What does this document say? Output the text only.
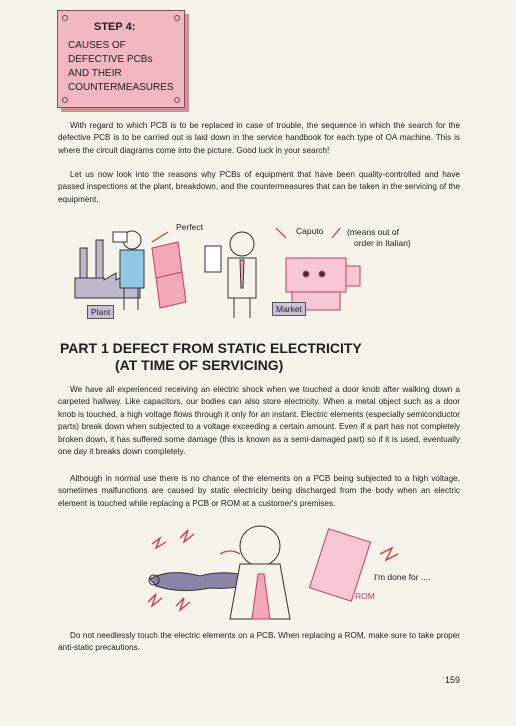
STEP 4:
CAUSES OF
DEFECTIVE PCBs
AND THEIR
COUNTERMEASURES

With regard to which PCB is to be replaced in case of trouble, the sequence in which the search for the defective PCB is to be carried out is laid down in the service handbook for each type of OA machine. This is where the circuit diagrams come into the picture. Good luck in your search!

Let us now look into the reasons why PCBs of equipment that have been quality-controlled and have passed inspections at the plant, breakdown, and the countermeasures that can be taken in the servicing of the equipment.

Perfect	Caputo	(means out of
order in Italian)
Plant	Market
PART 1 DEFECT FROM STATIC ELECTRICITY
(AT TIME OF SERVICING)

We have all experienced receiving an electric shock when we touched a door knob after walking down a carpeted hallway. Like capacitors, our bodies can also store electricity. When a metal object such as a door knob is touched, a high voltage flows through it only for an instant. Electric elements (especially semiconductor parts) break down when subjected to a voltage exceeding a certain amount. Even if a part has not completely broken down, it has suffered some damage (this is known as a semi-damaged part) so if it is used, eventually one day it breaks down completely.

Although in normal use there is no chance of the elements on a PCB being subjected to a high voltage, sometimes malfunctions are caused by static electricity being discharged from the body when an electric element is touched while replacing a PCB or ROM at a customer's premises.

ROM
I'm done for ....

Do not needlessly touch the electric elements on a PCB. When replacing a ROM, make sure to take proper anti-static precautions.

159
